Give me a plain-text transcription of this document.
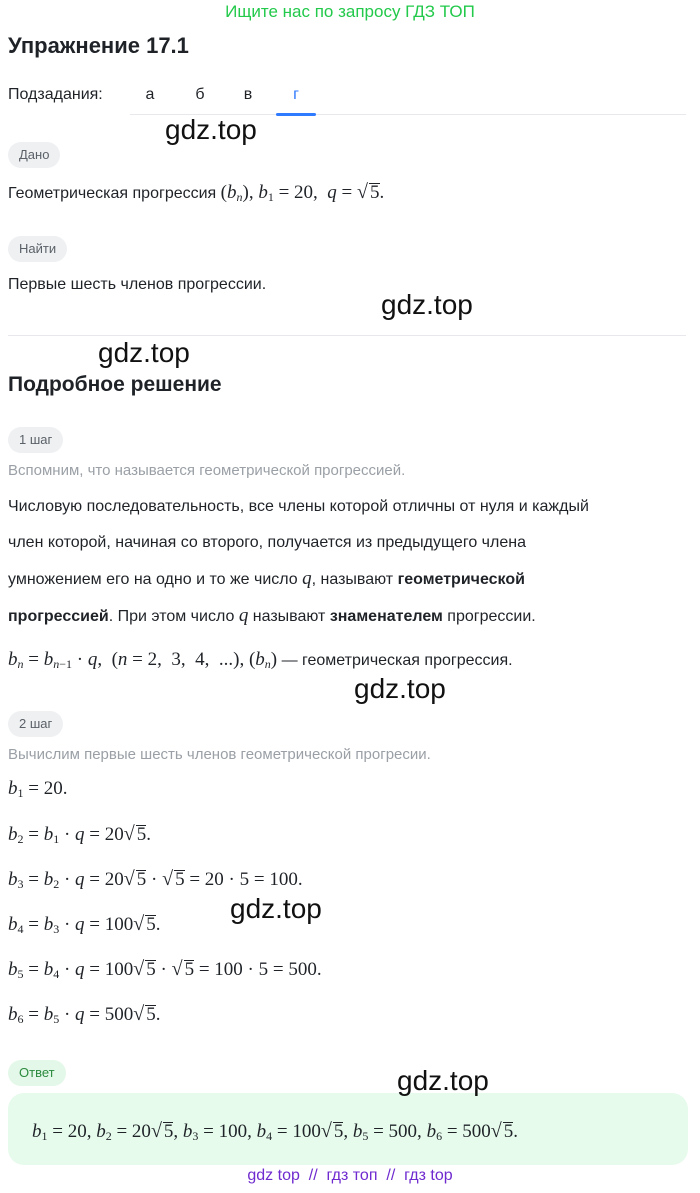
Ищите нас по запросу ГДЗ ТОП
Упражнение 17.1
Подзадания:	а	б	в	г
gdz.top
Дано
Геометрическая прогрессия $(b_n)$, $b_1 = 20$,  q = √ 5.
Найти
Первые шесть членов прогрессии.
gdz.top
gdz.top
Подробное решение
1 шаг
Вспомним, что называется геометрической прогрессией.
Числовую последовательность, все члены которой отличны от нуля и каждый
член которой, начиная со второго, получается из предыдущего члена
умножением его на одно и то же число q, называют геометрической
прогрессией. При этом число q называют знаменателем прогрессии.
$b_n = b_{n-1} \cdot q$,  (n = 2,  3,  4,  ...), $(b_n)$ — геометрическая прогрессия.
gdz.top
2 шаг
Вычислим первые шесть членов геометрической прогресии.
$b_1 = 20$.
$b_2 = b_1 \cdot q = 20√$ 5.
$b_3 = b_2 \cdot q = 20√$ 5 · √ 5 = 20 · 5 = 100.
gdz.top
$b_4 = b_3 \cdot q = 100√$ 5.
$b_5 = b_4 \cdot q = 100√$ 5 · √ 5 = 100 · 5 = 500.
$b_6 = b_5 \cdot q = 500√$ 5.
Ответ	gdz.top
$b_1 = 20$, $b_2 = 20√$ 5, $b_3 = 100$, $b_4 = 100√$ 5, $b_5 = 500$, $b_6 = 500√$ 5.
gdz top  //  гдз топ  //  гдз top
